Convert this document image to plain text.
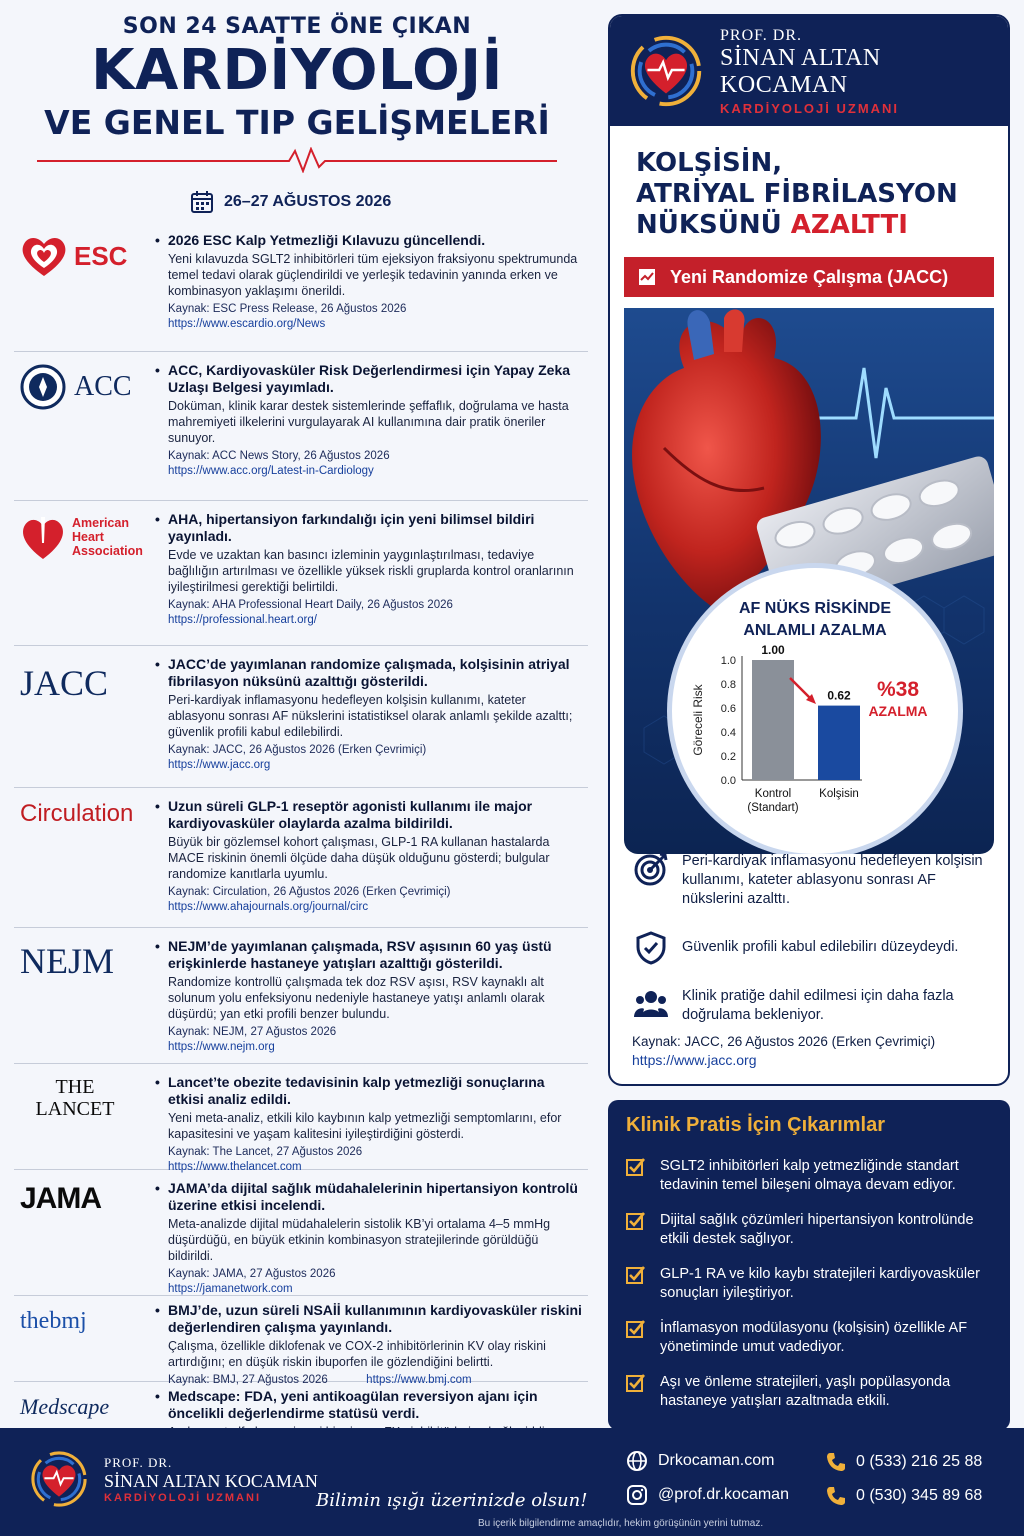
SON 24 SAATTE ÖNE ÇIKAN
KARDİYOLOJİ
VE GENEL TIP GELİŞMELERİ
26–27 AĞUSTOS 2026
ESC
• 2026 ESC Kalp Yetmezliği Kılavuzu güncellendi.
Yeni kılavuzda SGLT2 inhibitörleri tüm ejeksiyon fraksiyonu spektrumunda temel tedavi olarak güçlendirildi ve yerleşik tedavinin yanında erken ve kombinasyon yaklaşımı önerildi.
Kaynak: ESC Press Release, 26 Ağustos 2026
https://www.escardio.org/News
ACC
• ACC, Kardiyovasküler Risk Değerlendirmesi için Yapay Zeka Uzlaşı Belgesi yayımladı.
Doküman, klinik karar destek sistemlerinde şeffaflık, doğrulama ve hasta mahremiyeti ilkelerini vurgulayarak AI kullanımına dair pratik öneriler sunuyor.
Kaynak: ACC News Story, 26 Ağustos 2026
https://www.acc.org/Latest-in-Cardiology
American Heart Association
• AHA, hipertansiyon farkındalığı için yeni bilimsel bildiri yayınladı.
Evde ve uzaktan kan basıncı izleminin yaygınlaştırılması, tedaviye bağlılığın artırılması ve özellikle yüksek riskli gruplarda kontrol oranlarının iyileştirilmesi gerektiği belirtildi.
Kaynak: AHA Professional Heart Daily, 26 Ağustos 2026
https://professional.heart.org/
JACC	• JACC’de yayımlanan randomize çalışmada, kolşisinin atriyal fibrilasyon nüksünü azalttığı gösterildi.
Peri-kardiyak inflamasyonu hedefleyen kolşisin kullanımı, kateter ablasyonu sonrası AF nükslerini istatistiksel olarak anlamlı şekilde azalttı; güvenlik profili kabul edilebilirdi.
Kaynak: JACC, 26 Ağustos 2026 (Erken Çevrimiçi)
https://www.jacc.org
Circulation	• Uzun süreli GLP-1 reseptör agonisti kullanımı ile major kardiyovasküler olaylarda azalma bildirildi.
Büyük bir gözlemsel kohort çalışması, GLP-1 RA kullanan hastalarda MACE riskinin önemli ölçüde daha düşük olduğunu gösterdi; bulgular randomize kanıtlarla uyumlu.
Kaynak: Circulation, 26 Ağustos 2026 (Erken Çevrimiçi)
https://www.ahajournals.org/journal/circ
NEJM	• NEJM’de yayımlanan çalışmada, RSV aşısının 60 yaş üstü erişkinlerde hastaneye yatışları azalttığı gösterildi.
Randomize kontrollü çalışmada tek doz RSV aşısı, RSV kaynaklı alt solunum yolu enfeksiyonu nedeniyle hastaneye yatışı anlamlı olarak düşürdü; yan etki profili benzer bulundu.
Kaynak: NEJM, 27 Ağustos 2026
https://www.nejm.org
THE LANCET
• Lancet’te obezite tedavisinin kalp yetmezliği sonuçlarına etkisi analiz edildi.
Yeni meta-analiz, etkili kilo kaybının kalp yetmezliği semptomlarını, efor kapasitesini ve yaşam kalitesini iyileştirdiğini gösterdi.
Kaynak: The Lancet, 27 Ağustos 2026
https://www.thelancet.com
JAMA	• JAMA’da dijital sağlık müdahalelerinin hipertansiyon kontrolü üzerine etkisi incelendi.
Meta-analizde dijital müdahalelerin sistolik KB’yi ortalama 4–5 mmHg düşürdüğü, en büyük etkinin kombinasyon stratejilerinde görüldüğü bildirildi.
Kaynak: JAMA, 27 Ağustos 2026
https://jamanetwork.com
thebmj	• BMJ’de, uzun süreli NSAİİ kullanımının kardiyovasküler riskini değerlendiren çalışma yayınlandı.
Çalışma, özellikle diklofenak ve COX-2 inhibitörlerinin KV olay riskini artırdığını; en düşük riskin ibuporfen ile gözlendiğini belirtti.
Kaynak: BMJ, 27 Ağustos 2026	https://www.bmj.com
Medscape	• Medscape: FDA, yeni antikoagülan reversiyon ajanı için öncelikli değerlendirme statüsü verdi.
PROF. DR.
SİNAN ALTAN KOCAMAN
KARDİYOLOJİ UZMANI
KOLŞİSİN,
ATRİYAL FİBRİLASYON
NÜKSÜNÜ AZALTTI
Yeni Randomize Çalışma (JACC)
AF NÜKS RİSKİNDE ANLAMLI AZALMA
0.0
0.2
0.4
0.6
0.8
1.0
Göreceli Risk
1.00
Kontrol
(Standart)
0.62
Kolşisin
%38
AZALMA
Peri-kardiyak inflamasyonu hedefleyen kolşisin kullanımı, kateter ablasyonu sonrası AF nükslerini azalttı.
Güvenlik profili kabul edilebilirı düzeydeydi.
Klinik pratiğe dahil edilmesi için daha fazla doğrulama bekleniyor.
Kaynak: JACC, 26 Ağustos 2026 (Erken Çevrimiçi)
https://www.jacc.org
Klinik Pratis İçin Çıkarımlar
SGLT2 inhibitörleri kalp yetmezliğinde standart tedavinin temel bileşeni olmaya devam ediyor.
Dijital sağlık çözümleri hipertansiyon kontrolünde etkili destek sağlıyor.
GLP-1 RA ve kilo kaybı stratejileri kardiyovasküler sonuçları iyileştiriyor.
İnflamasyon modülasyonu (kolşisin) özellikle AF yönetiminde umut vadediyor.
Aşı ve önleme stratejileri, yaşlı popülasyonda hastaneye yatışları azaltmada etkili.
PROF. DR.
SİNAN ALTAN KOCAMAN
KARDİYOLOJİ UZMANI	Bilimin ışığı üzerinizde olsun!
Drkocaman.com
@prof.dr.kocaman
0 (533) 216 25 88
0 (530) 345 89 68
Bu içerik bilgilendirme amaçlıdır, hekim görüşünün yerini tutmaz.
